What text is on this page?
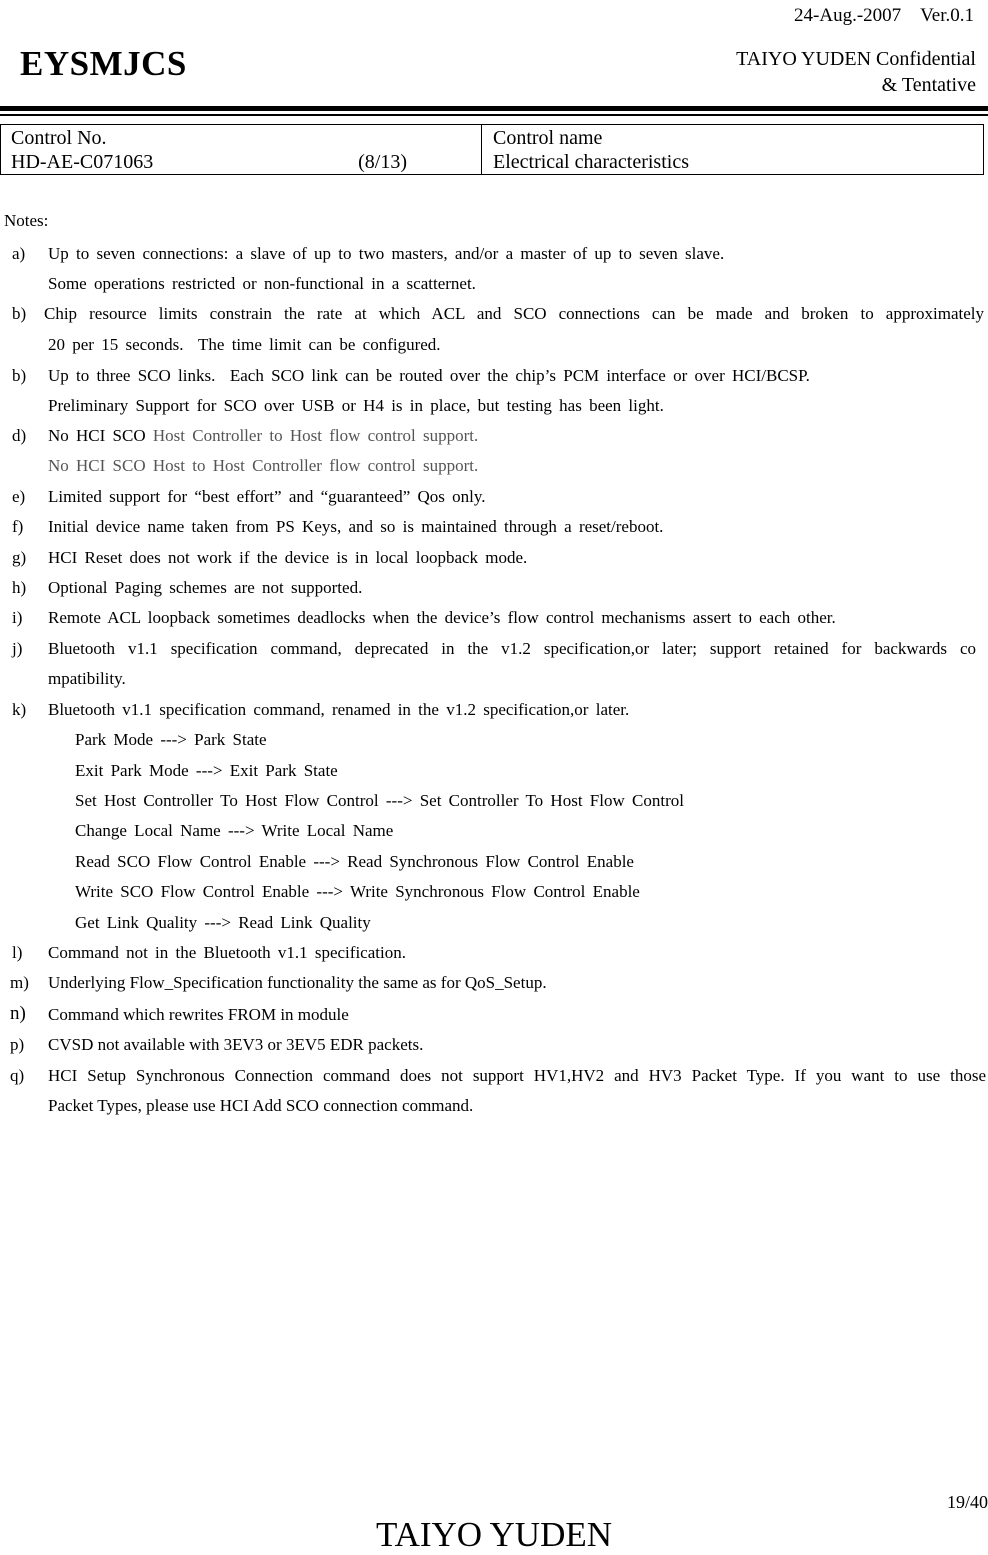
24-Aug.-2007　Ver.0.1
EYSMJCS	TAIYO YUDEN Confidential
& Tentative
Control No.
HD-AE-C071063	(8/13)
Control name
Electrical characteristics
Notes:
a) Up to seven connections: a slave of up to two masters, and/or a master of up to seven slave.
Some operations restricted or non-functional in a scatternet.
b) Chip resource limits constrain the rate at which ACL and SCO connections can be made and broken to approximately
20 per 15 seconds.  The time limit can be configured.
b) Up to three SCO links.  Each SCO link can be routed over the chip’s PCM interface or over HCI/BCSP.
Preliminary Support for SCO over USB or H4 is in place, but testing has been light.
d) No HCI SCO Host Controller to Host flow control support.
No HCI SCO Host to Host Controller flow control support.
e) Limited support for “best effort” and “guaranteed” Qos only.
f) Initial device name taken from PS Keys, and so is maintained through a reset/reboot.
g) HCI Reset does not work if the device is in local loopback mode.
h) Optional Paging schemes are not supported.
i) Remote ACL loopback sometimes deadlocks when the device’s flow control mechanisms assert to each other.
j) Bluetooth v1.1 specification command, deprecated in the v1.2 specification,or later; support retained for backwards co
mpatibility.
k) Bluetooth v1.1 specification command, renamed in the v1.2 specification,or later.
Park Mode ---> Park State
Exit Park Mode ---> Exit Park State
Set Host Controller To Host Flow Control ---> Set Controller To Host Flow Control
Change Local Name ---> Write Local Name
Read SCO Flow Control Enable ---> Read Synchronous Flow Control Enable
Write SCO Flow Control Enable ---> Write Synchronous Flow Control Enable
Get Link Quality ---> Read Link Quality
l) Command not in the Bluetooth v1.1 specification.
m) Underlying Flow_Specification functionality the same as for QoS_Setup.
n) Command which rewrites FROM in module
p) CVSD not available with 3EV3 or 3EV5 EDR packets.
q) HCI Setup Synchronous Connection command does not support HV1,HV2 and HV3 Packet Type. If you want to use those
Packet Types, please use HCI Add SCO connection command.
19/40
TAIYO YUDEN
